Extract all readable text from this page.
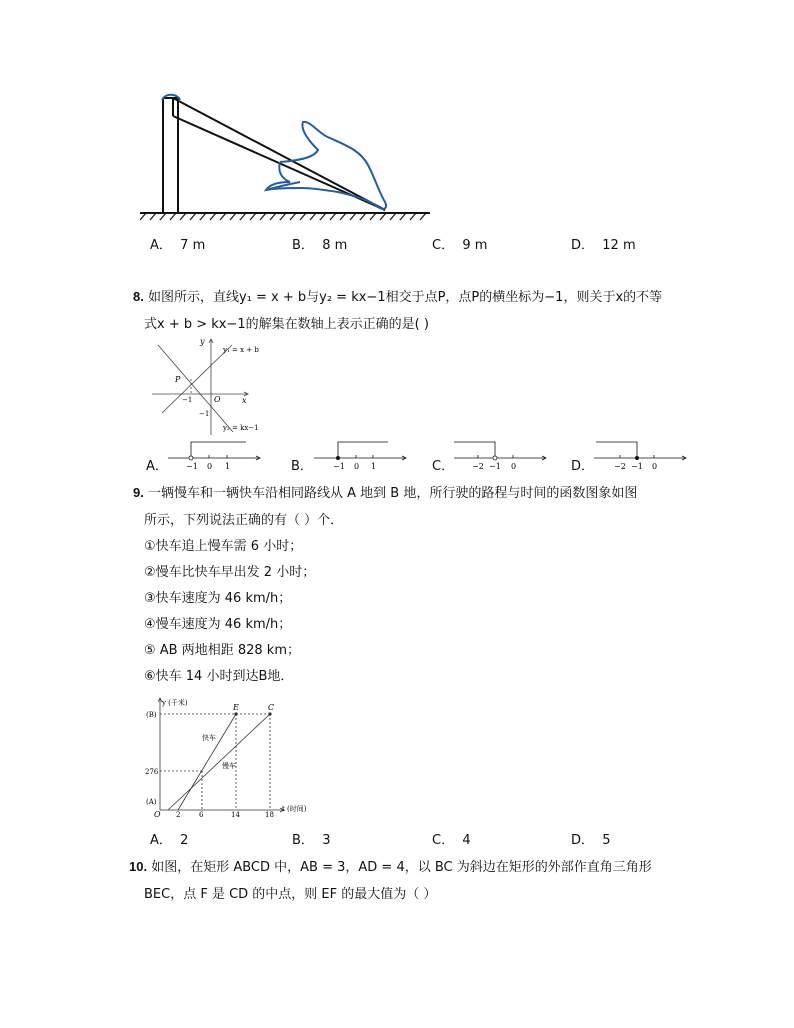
A． 7 m	B． 8 m	C． 9 m	D． 12 m
8. 如图所示，直线y₁ = x + b与y₂ = kx−1相交于点P，点P的横坐标为−1，则关于x的不等
式x + b > kx−1的解集在数轴上表示正确的是( )
y
x
O
P
y₁ = x + b
y₂ = kx−1
−1
−1
A． −1 0 1	B．	−1 0 1	C． −2 −1 0	D． −2 −1 0
9. 一辆慢车和一辆快车沿相同路线从 A 地到 B 地，所行驶的路程与时间的函数图象如图
所示，下列说法正确的有（ ）个．
①快车追上慢车需 6 小时；
②慢车比快车早出发 2 小时；
③快车速度为 46 km/h；
④慢车速度为 46 km/h；
⑤ AB 两地相距 828 km；
⑥快车 14 小时到达B地．
y (千米)
(B)
276
(A)
O 2	6	14	18
t (时间)
E	C
快车
慢车
A． 2	B． 3	C． 4	D． 5
10. 如图，在矩形 ABCD 中，AB = 3，AD = 4，以 BC 为斜边在矩形的外部作直角三角形
BEC，点 F 是 CD 的中点，则 EF 的最大值为（ ）
